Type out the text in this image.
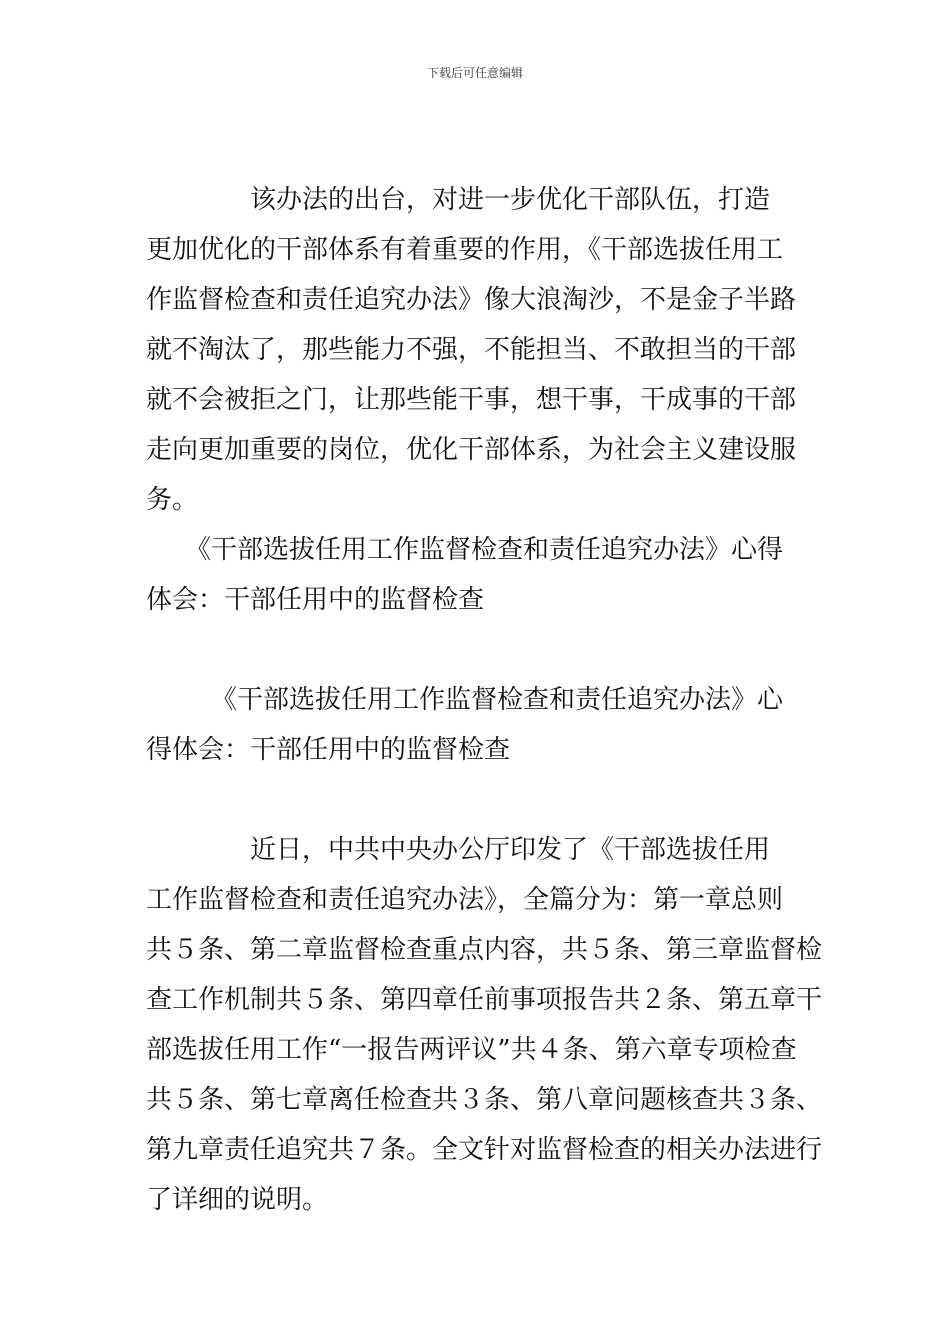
下载后可任意编辑
　　　　该办法的出台，对进一步优化干部队伍，打造
更加优化的干部体系有着重要的作用，《干部选拔任用工
作监督检查和责任追究办法》像大浪淘沙，不是金子半路
就不淘汰了，那些能力不强，不能担当、不敢担当的干部
就不会被拒之门，让那些能干事，想干事，干成事的干部
走向更加重要的岗位，优化干部体系，为社会主义建设服
务。
　　《干部选拔任用工作监督检查和责任追究办法》心得
体会：干部任用中的监督检查
　　　《干部选拔任用工作监督检查和责任追究办法》心
得体会：干部任用中的监督检查
　　　　近日，中共中央办公厅印发了《干部选拔任用
工作监督检查和责任追究办法》，全篇分为：第一章总则
共５条、第二章监督检查重点内容，共５条、第三章监督检
查工作机制共５条、第四章任前事项报告共２条、第五章干
部选拔任用工作“一报告两评议”共４条、第六章专项检查
共５条、第七章离任检查共３条、第八章问题核查共３条、
第九章责任追究共７条。全文针对监督检查的相关办法进行
了详细的说明。
